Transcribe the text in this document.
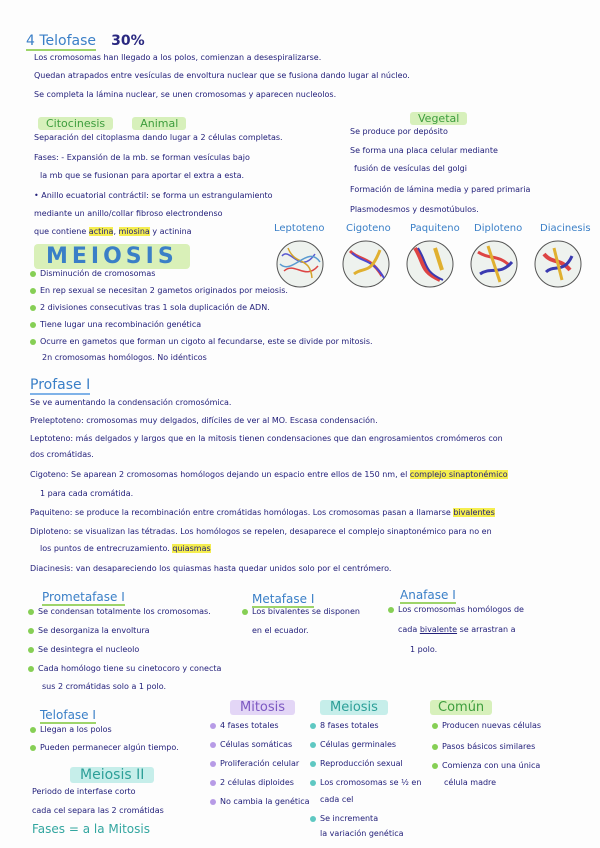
4 Telofase 30%
Los cromosomas han llegado a los polos, comienzan a desespiralizarse.
Quedan atrapados entre vesículas de envoltura nuclear que se fusiona dando lugar al núcleo.
Se completa la lámina nuclear, se unen cromosomas y aparecen nucleolos.
Citocinesis	Animal	Vegetal
Separación del citoplasma dando lugar a 2 células completas.
Fases: - Expansión de la mb. se forman vesículas bajo
la mb que se fusionan para aportar el extra a esta.
• Anillo ecuatorial contráctil: se forma un estrangulamiento
mediante un anillo/collar fibroso electrondenso
que contiene actina, miosina y actinina
Se produce por depósito
Se forma una placa celular mediante
fusión de vesículas del golgi
Formación de lámina media y pared primaria
Plasmodesmos y desmotúbulos.
Leptoteno Cigoteno Paquiteno Diploteno Diacinesis
MEIOSIS
Disminución de cromosomas
En rep sexual se necesitan 2 gametos originados por meiosis.
2 divisiones consecutivas tras 1 sola duplicación de ADN.
Tiene lugar una recombinación genética
Ocurre en gametos que forman un cigoto al fecundarse, este se divide por mitosis.
2n cromosomas homólogos. No idénticos
Profase I
Se ve aumentando la condensación cromosómica.
Preleptoteno: cromosomas muy delgados, difíciles de ver al MO. Escasa condensación.
Leptoteno: más delgados y largos que en la mitosis tienen condensaciones que dan engrosamientos cromómeros con
dos cromátidas.
Cigoteno: Se aparean 2 cromosomas homólogos dejando un espacio entre ellos de 150 nm, el complejo sinaptonémico
1 para cada cromátida.
Paquiteno: se produce la recombinación entre cromátidas homólogas. Los cromosomas pasan a llamarse bivalentes
Diploteno: se visualizan las tétradas. Los homólogos se repelen, desaparece el complejo sinaptonémico para no en
los puntos de entrecruzamiento. quiasmas
Diacinesis: van desapareciendo los quiasmas hasta quedar unidos solo por el centrómero.
Prometafase I
Se condensan totalmente los cromosomas.
Se desorganiza la envoltura
Se desintegra el nucleolo
Cada homólogo tiene su cinetocoro y conecta
sus 2 cromátidas solo a 1 polo.
Metafase I
Los bivalentes se disponen
en el ecuador.
Anafase I
Los cromosomas homólogos de
cada bivalente se arrastran a
1 polo.
Telofase I
Llegan a los polos
Pueden permanecer algún tiempo.
Meiosis II
Periodo de interfase corto
cada cel separa las 2 cromátidas
Fases = a la Mitosis
Mitosis	Meiosis	Común
4 fases totales
Células somáticas
Proliferación celular
2 células diploides
No cambia la genética
8 fases totales
Células germinales
Reproducción sexual
Los cromosomas se ½ en
cada cel
Se incrementa
la variación genética
Producen nuevas células
Pasos básicos similares
Comienza con una única
célula madre
